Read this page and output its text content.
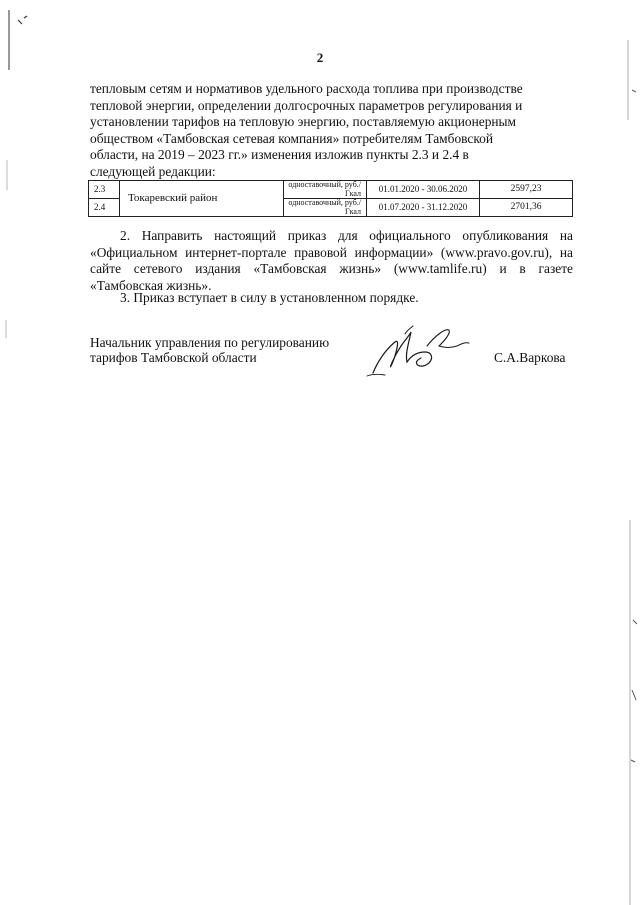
2
тепловым сетям и нормативов удельного расхода топлива при производстве
тепловой энергии, определении долгосрочных параметров регулирования и
установлении тарифов на тепловую энергию, поставляемую акционерным
обществом «Тамбовская сетевая компания» потребителям Тамбовской
области, на 2019 – 2023 гг.» изменения изложив пункты 2.3 и 2.4 в
следующей редакции:
2.3	Токаревский район	одноставочный, руб./Гкал	01.01.2020 - 30.06.2020	2597,23
2.4		одноставочный, руб./Гкал	01.07.2020 - 31.12.2020	2701,36
2. Направить настоящий приказ для официального опубликования на «Официальном интернет-портале правовой информации» (www.pravo.gov.ru), на сайте сетевого издания «Тамбовская жизнь» (www.tamlife.ru) и в газете «Тамбовская жизнь».
3. Приказ вступает в силу в установленном порядке.
Начальник управления по регулированию
тарифов Тамбовской области	С.А.Варкова
